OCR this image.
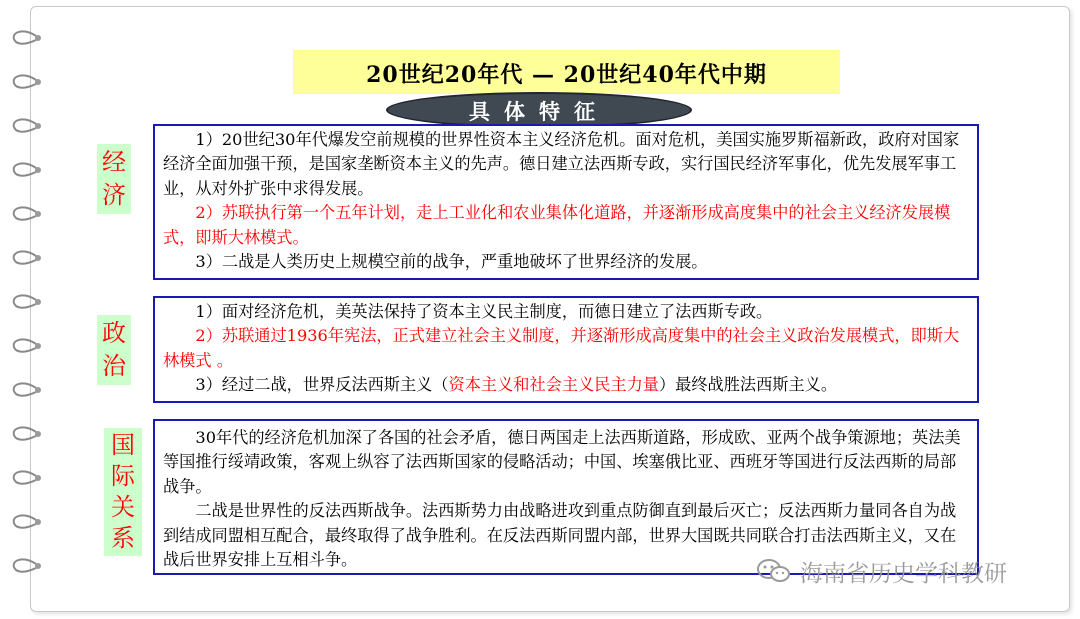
20世纪20年代 — 20世纪40年代中期
具体特征
经济

1）20世纪30年代爆发空前规模的世界性资本主义经济危机。面对危机，美国实施罗斯福新政，政府对国家经济全面加强干预，是国家垄断资本主义的先声。德日建立法西斯专政，实行国民经济军事化，优先发展军事工业，从对外扩张中求得发展。

2）苏联执行第一个五年计划，走上工业化和农业集体化道路，并逐渐形成高度集中的社会主义经济发展模式，即斯大林模式。

3）二战是人类历史上规模空前的战争，严重地破坏了世界经济的发展。

政治

1）面对经济危机，美英法保持了资本主义民主制度，而德日建立了法西斯专政。

2）苏联通过1936年宪法，正式建立社会主义制度，并逐渐形成高度集中的社会主义政治发展模式，即斯大林模式 。

3）经过二战，世界反法西斯主义（资本主义和社会主义民主力量）最终战胜法西斯主义。

国际关系

30年代的经济危机加深了各国的社会矛盾，德日两国走上法西斯道路，形成欧、亚两个战争策源地；英法美等国推行绥靖政策，客观上纵容了法西斯国家的侵略活动；中国、埃塞俄比亚、西班牙等国进行反法西斯的局部战争。

二战是世界性的反法西斯战争。法西斯势力由战略进攻到重点防御直到最后灭亡；反法西斯力量同各自为战到结成同盟相互配合，最终取得了战争胜利。在反法西斯同盟内部，世界大国既共同联合打击法西斯主义，又在战后世界安排上互相斗争。

海南省历史学科教研
